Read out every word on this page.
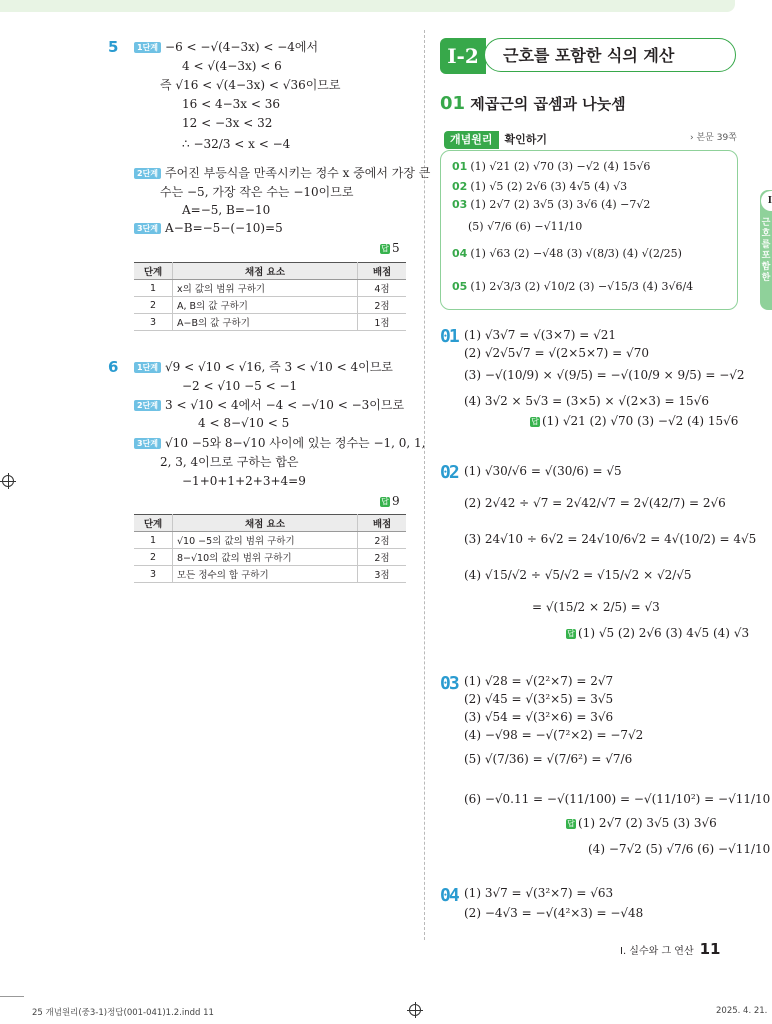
5	1단계 −6 < −√(4−3x) < −4에서
4 < √(4−3x) < 6
즉 √16 < √(4−3x) < √36이므로
16 < 4−3x < 36
12 < −3x < 32
∴ −32/3 < x < −4
2단계 주어진 부등식을 만족시키는 정수 x 중에서 가장 큰
수는 −5, 가장 작은 수는 −10이므로
A=−5, B=−10
3단계 A−B=−5−(−10)=5
답 5
단계	채점 요소	배점
1	x의 값의 범위 구하기	4점
2	A, B의 값 구하기	2점
3	A−B의 값 구하기	1점
6	1단계 √9 < √10 < √16, 즉 3 < √10 < 4이므로
−2 < √10 −5 < −1
2단계 3 < √10 < 4에서 −4 < −√10 < −3이므로
4 < 8−√10 < 5
3단계 √10 −5와 8−√10 사이에 있는 정수는 −1, 0, 1,
2, 3, 4이므로 구하는 합은
−1+0+1+2+3+4=9
답 9
단계	채점 요소	배점
1	√10 −5의 값의 범위 구하기	2점
2	8−√10의 값의 범위 구하기	2점
3	모든 정수의 합 구하기	3점
I-2	근호를 포함한 식의 계산
01 제곱근의 곱셈과 나눗셈
개념원리 확인하기	› 본문 39쪽
01 (1) √21 (2) √70 (3) −√2 (4) 15√6
02 (1) √5 (2) 2√6 (3) 4√5 (4) √3
03 (1) 2√7 (2) 3√5 (3) 3√6 (4) −7√2
(5) √7/6 (6) −√11/10
04 (1) √63 (2) −√48 (3) √(8/3) (4) √(2/25)
05 (1) 2√3/3 (2) √10/2 (3) −√15/3 (4) 3√6/4
01 (1) √3√7 = √(3×7) = √21
(2) √2√5√7 = √(2×5×7) = √70
(3) −√(10/9) × √(9/5) = −√(10/9 × 9/5) = −√2
(4) 3√2 × 5√3 = (3×5) × √(2×3) = 15√6
답 (1) √21 (2) √70 (3) −√2 (4) 15√6
02 (1) √30/√6 = √(30/6) = √5
(2) 2√42 ÷ √7 = 2√42/√7 = 2√(42/7) = 2√6
(3) 24√10 ÷ 6√2 = 24√10/6√2 = 4√(10/2) = 4√5
(4) √15/√2 ÷ √5/√2 = √15/√2 × √2/√5
= √(15/2 × 2/5) = √3
답 (1) √5 (2) 2√6 (3) 4√5 (4) √3
03 (1) √28 = √(2²×7) = 2√7
(2) √45 = √(3²×5) = 3√5
(3) √54 = √(3²×6) = 3√6
(4) −√98 = −√(7²×2) = −7√2
(5) √(7/36) = √(7/6²) = √7/6
(6) −√0.11 = −√(11/100) = −√(11/10²) = −√11/10
답 (1) 2√7 (2) 3√5 (3) 3√6
(4) −7√2 (5) √7/6 (6) −√11/10
04 (1) 3√7 = √(3²×7) = √63
(2) −4√3 = −√(4²×3) = −√48
근호를 포함한
I
I. 실수와 그 연산 11
25 개념원리(중3-1)정답(001-041)1.2.indd 11	2025. 4. 21.
